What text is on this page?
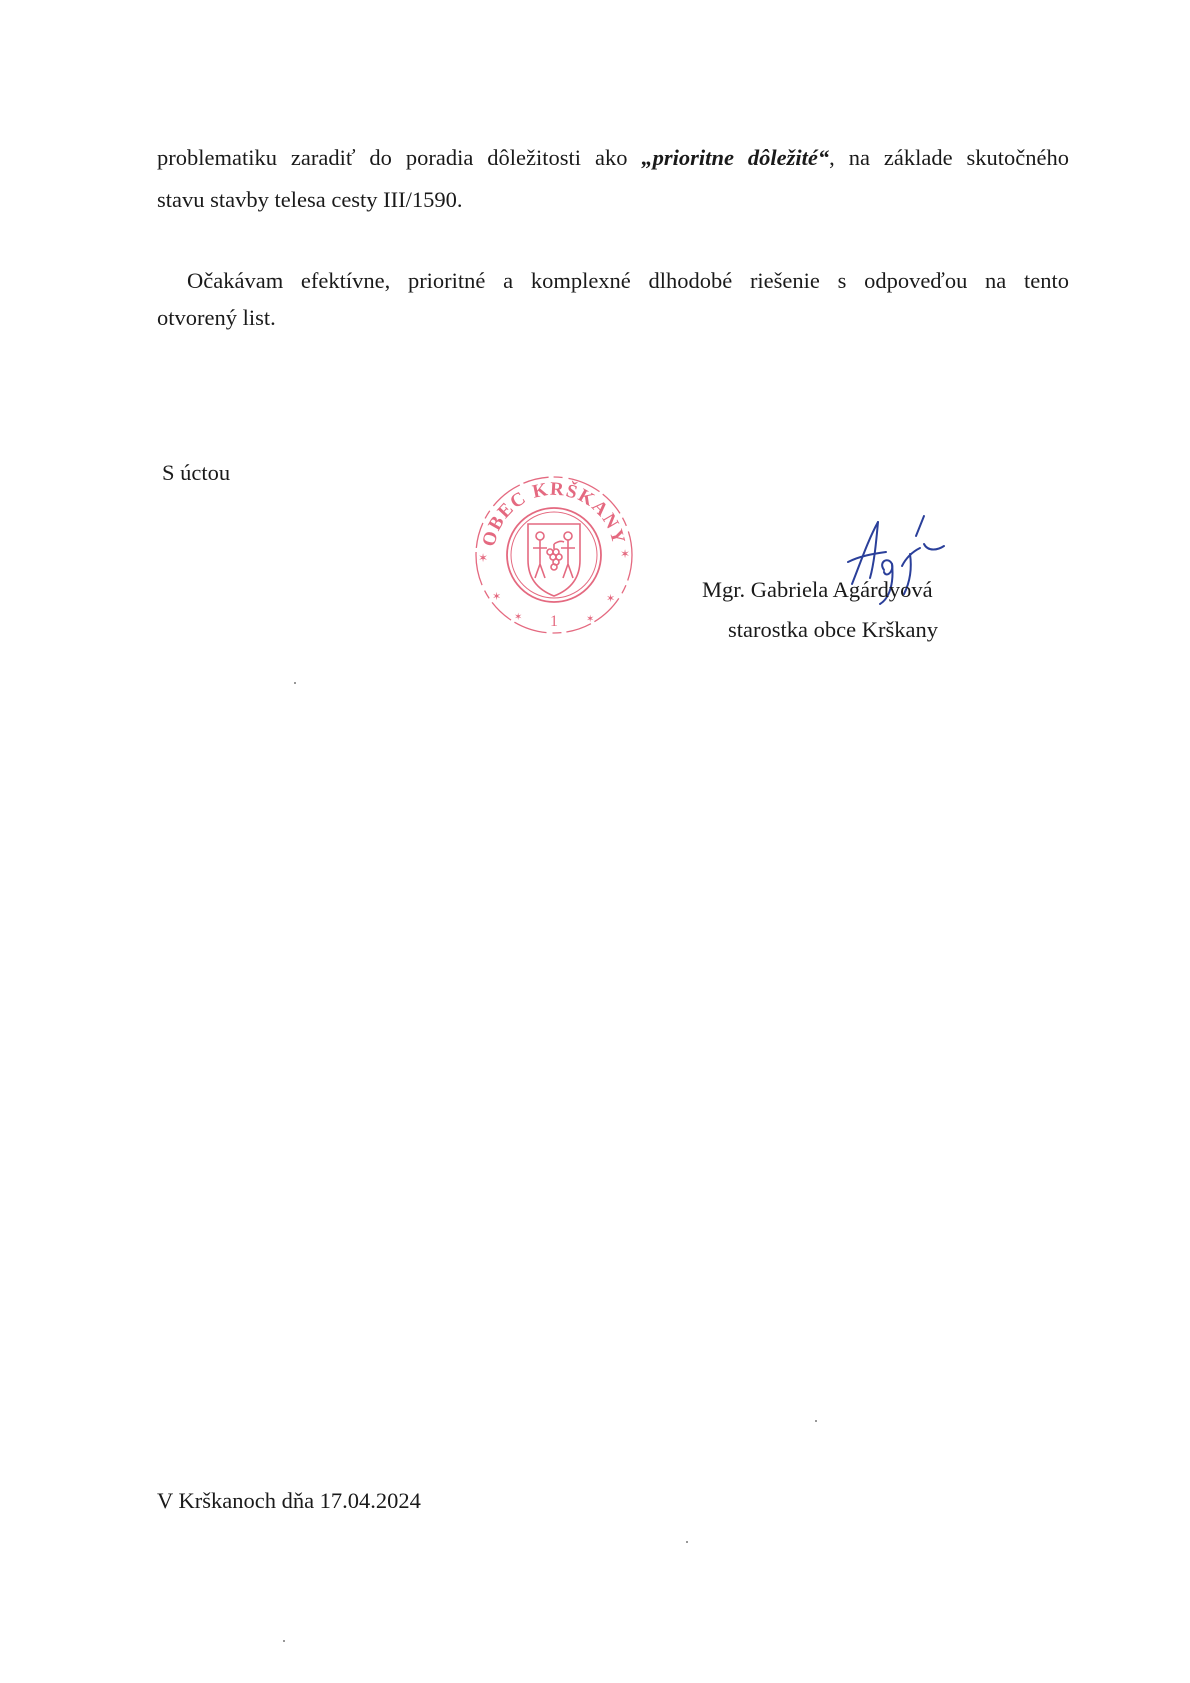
problematiku zaradiť do poradia dôležitosti ako „prioritne dôležité“, na základe skutočného
stavu stavby telesa cesty III/1590.

Očakávam efektívne, prioritné a komplexné dlhodobé riešenie s odpoveďou na tento
otvorený list.

S úctou
OBEC KRŠKANY
1
✶	✶
✶	✶
✶	✶
Mgr. Gabriela Agárdyová
starostka obce Krškany
V Krškanoch dňa 17.04.2024
